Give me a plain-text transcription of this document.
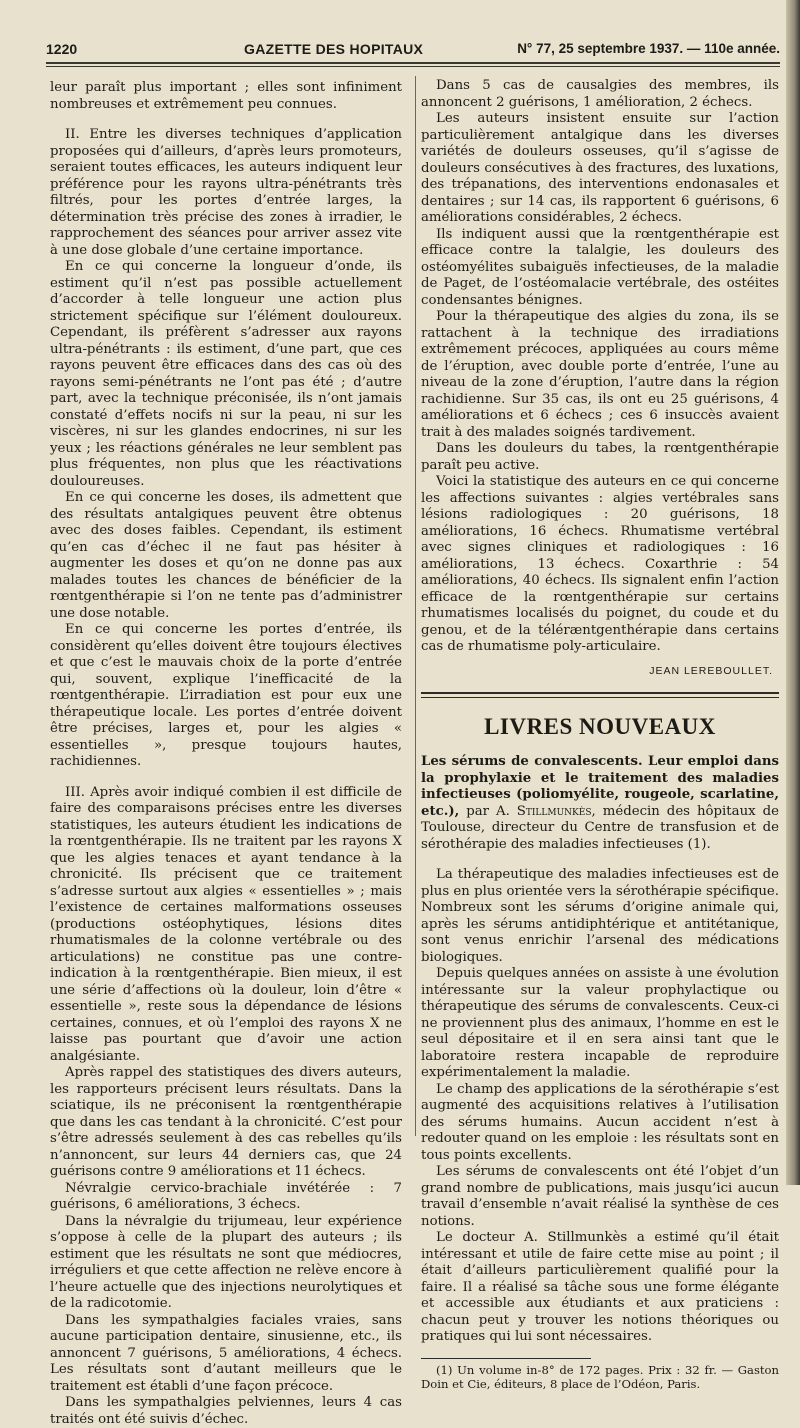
1220	GAZETTE DES HOPITAUX	N° 77, 25 septembre 1937. — 110e année.

leur paraît plus important ; elles sont infiniment nombreuses et extrêmement peu connues.

II. Entre les diverses techniques d’application proposées qui d’ailleurs, d’après leurs promoteurs, seraient toutes efficaces, les auteurs indiquent leur préférence pour les rayons ultra-pénétrants très filtrés, pour les portes d’entrée larges, la détermination très précise des zones à irradier, le rapprochement des séances pour arriver assez vite à une dose globale d’une certaine importance.

En ce qui concerne la longueur d’onde, ils estiment qu’il n’est pas possible actuellement d’accorder à telle longueur une action plus strictement spécifique sur l’élément douloureux. Cependant, ils préfèrent s’adresser aux rayons ultra-pénétrants : ils estiment, d’une part, que ces rayons peuvent être efficaces dans des cas où des rayons semi-pénétrants ne l’ont pas été ; d’autre part, avec la technique préconisée, ils n’ont jamais constaté d’effets nocifs ni sur la peau, ni sur les viscères, ni sur les glandes endocrines, ni sur les yeux ; les réactions générales ne leur semblent pas plus fréquentes, non plus que les réactivations douloureuses.

En ce qui concerne les doses, ils admettent que des résultats antalgiques peuvent être obtenus avec des doses faibles. Cependant, ils estiment qu’en cas d’échec il ne faut pas hésiter à augmenter les doses et qu’on ne donne pas aux malades toutes les chances de bénéficier de la rœntgenthérapie si l’on ne tente pas d’administrer une dose notable.

En ce qui concerne les portes d’entrée, ils considèrent qu’elles doivent être toujours électives et que c’est le mauvais choix de la porte d’entrée qui, souvent, explique l’inefficacité de la rœntgenthérapie. L’irradiation est pour eux une thérapeutique locale. Les portes d’entrée doivent être précises, larges et, pour les algies « essentielles », presque toujours hautes, rachidiennes.

III. Après avoir indiqué combien il est difficile de faire des comparaisons précises entre les diverses statistiques, les auteurs étudient les indications de la rœntgenthérapie. Ils ne traitent par les rayons X que les algies tenaces et ayant tendance à la chronicité. Ils précisent que ce traitement s’adresse surtout aux algies « essentielles » ; mais l’existence de certaines malformations osseuses (productions ostéophytiques, lésions dites rhumatismales de la colonne vertébrale ou des articulations) ne constitue pas une contre-indication à la rœntgenthérapie. Bien mieux, il est une série d’affections où la douleur, loin d’être « essentielle », reste sous la dépendance de lésions certaines, connues, et où l’emploi des rayons X ne laisse pas pourtant que d’avoir une action analgésiante.

Après rappel des statistiques des divers auteurs, les rapporteurs précisent leurs résultats. Dans la sciatique, ils ne préconisent la rœntgenthérapie que dans les cas tendant à la chronicité. C’est pour s’être adressés seulement à des cas rebelles qu’ils n’annoncent, sur leurs 44 derniers cas, que 24 guérisons contre 9 améliorations et 11 échecs.

Névralgie cervico-brachiale invétérée : 7 guérisons, 6 améliorations, 3 échecs.

Dans la névralgie du trijumeau, leur expérience s’oppose à celle de la plupart des auteurs ; ils estiment que les résultats ne sont que médiocres, irréguliers et que cette affection ne relève encore à l’heure actuelle que des injections neurolytiques et de la radicotomie.

Dans les sympathalgies faciales vraies, sans aucune participation dentaire, sinusienne, etc., ils annoncent 7 guérisons, 5 améliorations, 4 échecs. Les résultats sont d’autant meilleurs que le traitement est établi d’une façon précoce.

Dans les sympathalgies pelviennes, leurs 4 cas traités ont été suivis d’échec.

Dans 5 cas de causalgies des membres, ils annoncent 2 guérisons, 1 amélioration, 2 échecs.

Les auteurs insistent ensuite sur l’action particulièrement antalgique dans les diverses variétés de douleurs osseuses, qu’il s’agisse de douleurs consécutives à des fractures, des luxations, des trépanations, des interventions endonasales et dentaires ; sur 14 cas, ils rapportent 6 guérisons, 6 améliorations considérables, 2 échecs.

Ils indiquent aussi que la rœntgenthérapie est efficace contre la talalgie, les douleurs des ostéomyélites subaiguës infectieuses, de la maladie de Paget, de l’ostéomalacie vertébrale, des ostéites condensantes bénignes.

Pour la thérapeutique des algies du zona, ils se rattachent à la technique des irradiations extrêmement précoces, appliquées au cours même de l’éruption, avec double porte d’entrée, l’une au niveau de la zone d’éruption, l’autre dans la région rachidienne. Sur 35 cas, ils ont eu 25 guérisons, 4 améliorations et 6 échecs ; ces 6 insuccès avaient trait à des malades soignés tardivement.

Dans les douleurs du tabes, la rœntgenthérapie paraît peu active.

Voici la statistique des auteurs en ce qui concerne les affections suivantes : algies vertébrales sans lésions radiologiques : 20 guérisons, 18 améliorations, 16 échecs. Rhumatisme vertébral avec signes cliniques et radiologiques : 16 améliorations, 13 échecs. Coxarthrie : 54 améliorations, 40 échecs. Ils signalent enfin l’action efficace de la rœntgenthérapie sur certains rhumatismes localisés du poignet, du coude et du genou, et de la téléræntgenthérapie dans certains cas de rhumatisme poly-articulaire.

JEAN LEREBOULLET.

LIVRES NOUVEAUX

Les sérums de convalescents. Leur emploi dans la prophylaxie et le traitement des maladies infectieuses (poliomyélite, rougeole, scarlatine, etc.), par A. Stillmunkès, médecin des hôpitaux de Toulouse, directeur du Centre de transfusion et de sérothérapie des maladies infectieuses (1).

La thérapeutique des maladies infectieuses est de plus en plus orientée vers la sérothérapie spécifique. Nombreux sont les sérums d’origine animale qui, après les sérums antidiphtérique et antitétanique, sont venus enrichir l’arsenal des médications biologiques.

Depuis quelques années on assiste à une évolution intéressante sur la valeur prophylactique ou thérapeutique des sérums de convalescents. Ceux-ci ne proviennent plus des animaux, l’homme en est le seul dépositaire et il en sera ainsi tant que le laboratoire restera incapable de reproduire expérimentalement la maladie.

Le champ des applications de la sérothérapie s’est augmenté des acquisitions relatives à l’utilisation des sérums humains. Aucun accident n’est à redouter quand on les emploie : les résultats sont en tous points excellents.

Les sérums de convalescents ont été l’objet d’un grand nombre de publications, mais jusqu’ici aucun travail d’ensemble n’avait réalisé la synthèse de ces notions.

Le docteur A. Stillmunkès a estimé qu’il était intéressant et utile de faire cette mise au point ; il était d’ailleurs particulièrement qualifié pour la faire. Il a réalisé sa tâche sous une forme élégante et accessible aux étudiants et aux praticiens : chacun peut y trouver les notions théoriques ou pratiques qui lui sont nécessaires.

(1) Un volume in-8° de 172 pages. Prix : 32 fr. — Gaston Doin et Cie, éditeurs, 8 place de l’Odéon, Paris.
